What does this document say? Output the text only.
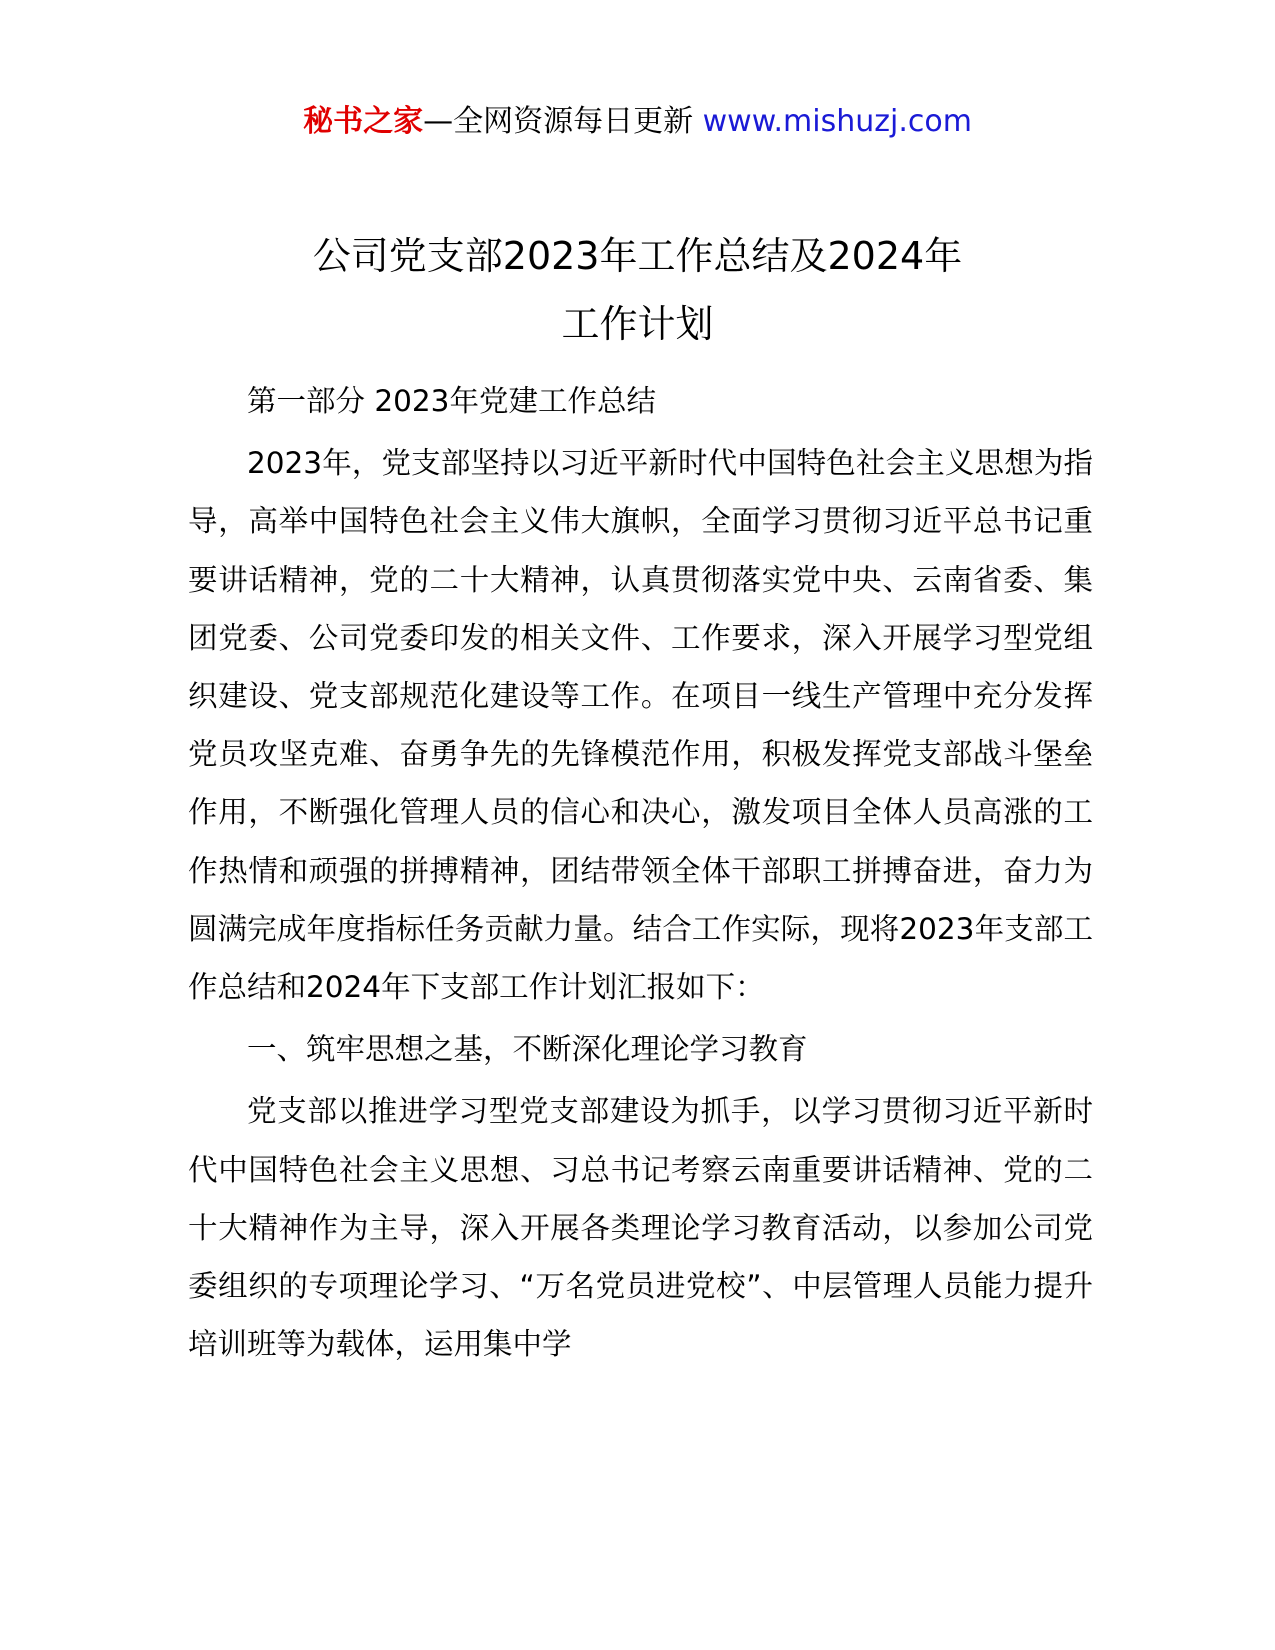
秘书之家—全网资源每日更新 www.mishuzj.com
公司党支部2023年工作总结及2024年
工作计划

第一部分 2023年党建工作总结

2023年，党支部坚持以习近平新时代中国特色社会主义思想为指导，高举中国特色社会主义伟大旗帜，全面学习贯彻习近平总书记重要讲话精神，党的二十大精神，认真贯彻落实党中央、云南省委、集团党委、公司党委印发的相关文件、工作要求，深入开展学习型党组织建设、党支部规范化建设等工作。在项目一线生产管理中充分发挥党员攻坚克难、奋勇争先的先锋模范作用，积极发挥党支部战斗堡垒作用，不断强化管理人员的信心和决心，激发项目全体人员高涨的工作热情和顽强的拼搏精神，团结带领全体干部职工拼搏奋进，奋力为圆满完成年度指标任务贡献力量。结合工作实际，现将2023年支部工作总结和2024年下支部工作计划汇报如下：

一、筑牢思想之基，不断深化理论学习教育

党支部以推进学习型党支部建设为抓手，以学习贯彻习近平新时代中国特色社会主义思想、习总书记考察云南重要讲话精神、党的二十大精神作为主导，深入开展各类理论学习教育活动，以参加公司党委组织的专项理论学习、“万名党员进党校”、中层管理人员能力提升培训班等为载体，运用集中学
